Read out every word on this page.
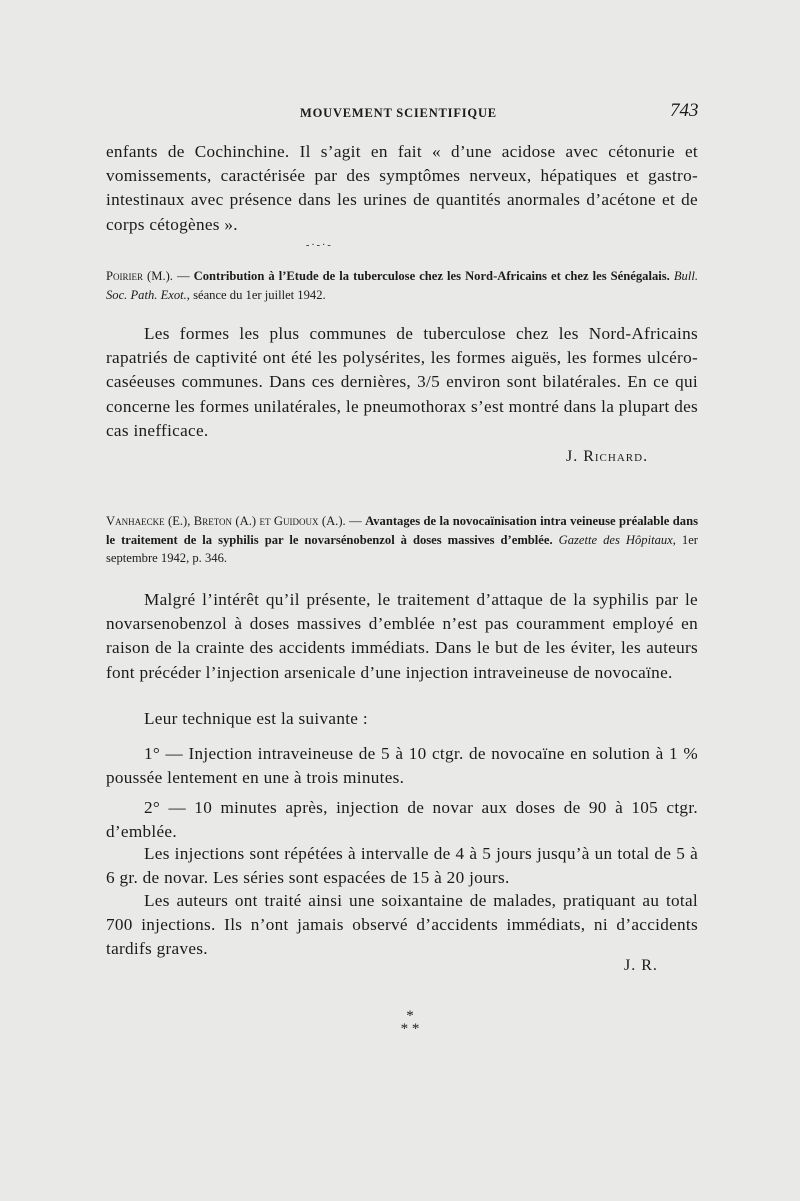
MOUVEMENT SCIENTIFIQUE	743
enfants de Cochinchine. Il s’agit en fait « d’une acidose avec cétonurie et vomissements, caractérisée par des symptômes nerveux, hépatiques et gastro-intestinaux avec présence dans les urines de quantités anormales d’acétone et de corps cétogènes ».
-·-·-
Poirier (M.). — Contribution à l’Etude de la tuberculose chez les Nord-Africains et chez les Sénégalais. Bull. Soc. Path. Exot., séance du 1er juillet 1942.
Les formes les plus communes de tuberculose chez les Nord-Africains rapatriés de captivité ont été les polysérites, les formes aiguës, les formes ulcéro-caséeuses communes. Dans ces dernières, 3/5 environ sont bilatérales. En ce qui concerne les formes unilatérales, le pneumothorax s’est montré dans la plupart des cas inefficace.
J. Richard.
Vanhaecke (E.), Breton (A.) et Guidoux (A.). — Avantages de la novocaïnisation intra veineuse préalable dans le traitement de la syphilis par le novarsénobenzol à doses massives d’emblée. Gazette des Hôpitaux, 1er septembre 1942, p. 346.
Malgré l’intérêt qu’il présente, le traitement d’attaque de la syphilis par le novarsenobenzol à doses massives d’emblée n’est pas couramment employé en raison de la crainte des accidents immédiats. Dans le but de les éviter, les auteurs font précéder l’injection arsenicale d’une injection intraveineuse de novocaïne.
Leur technique est la suivante :
1° — Injection intraveineuse de 5 à 10 ctgr. de novocaïne en solution à 1 % poussée lentement en une à trois minutes.
2° — 10 minutes après, injection de novar aux doses de 90 à 105 ctgr. d’emblée.
Les injections sont répétées à intervalle de 4 à 5 jours jusqu’à un total de 5 à 6 gr. de novar. Les séries sont espacées de 15 à 20 jours.
Les auteurs ont traité ainsi une soixantaine de malades, pratiquant au total 700 injections. Ils n’ont jamais observé d’accidents immédiats, ni d’accidents tardifs graves.
J. R.
*
* *
